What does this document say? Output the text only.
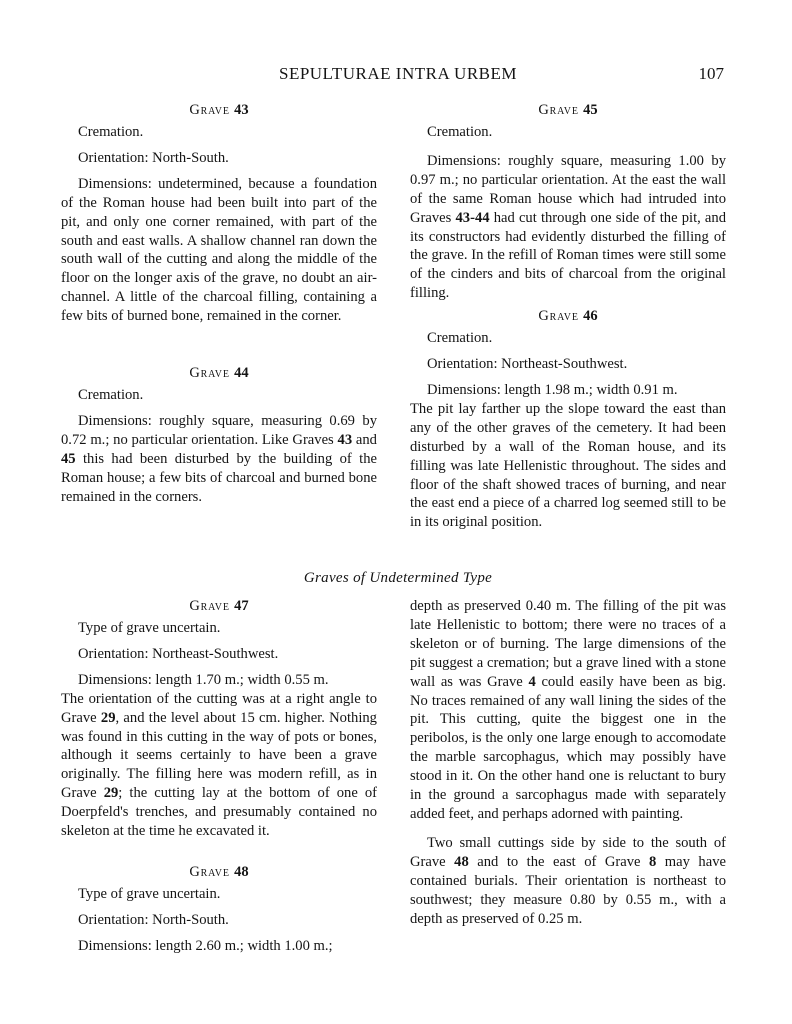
SEPULTURAE INTRA URBEM	107
Grave 43

Cremation.

Orientation: North-South.

Dimensions: undetermined, because a foundation of the Roman house had been built into part of the pit, and only one corner remained, with part of the south and east walls. A shallow channel ran down the south wall of the cutting and along the middle of the floor on the longer axis of the grave, no doubt an air-channel. A little of the charcoal filling, containing a few bits of burned bone, remained in the corner.

Grave 44

Cremation.

Dimensions: roughly square, measuring 0.69 by 0.72 m.; no particular orientation. Like Graves 43 and 45 this had been disturbed by the building of the Roman house; a few bits of charcoal and burned bone remained in the corners.

Grave 45

Cremation.

Dimensions: roughly square, measuring 1.00 by 0.97 m.; no particular orientation. At the east the wall of the same Roman house which had intruded into Graves 43-44 had cut through one side of the pit, and its constructors had evidently disturbed the filling of the grave. In the refill of Roman times were still some of the cinders and bits of charcoal from the original filling.

Grave 46

Cremation.

Orientation: Northeast-Southwest.

Dimensions: length 1.98 m.; width 0.91 m.

The pit lay farther up the slope toward the east than any of the other graves of the cemetery. It had been disturbed by a wall of the Roman house, and its filling was late Hellenistic throughout. The sides and floor of the shaft showed traces of burning, and near the east end a piece of a charred log seemed still to be in its original position.

Graves of Undetermined Type
Grave 47

Type of grave uncertain.

Orientation: Northeast-Southwest.

Dimensions: length 1.70 m.; width 0.55 m.

The orientation of the cutting was at a right angle to Grave 29, and the level about 15 cm. higher. Nothing was found in this cutting in the way of pots or bones, although it seems certainly to have been a grave originally. The filling here was modern refill, as in Grave 29; the cutting lay at the bottom of one of Doerpfeld's trenches, and presumably contained no skeleton at the time he excavated it.

Grave 48

Type of grave uncertain.

Orientation: North-South.

Dimensions: length 2.60 m.; width 1.00 m.;

depth as preserved 0.40 m. The filling of the pit was late Hellenistic to bottom; there were no traces of a skeleton or of burning. The large dimensions of the pit suggest a cremation; but a grave lined with a stone wall as was Grave 4 could easily have been as big. No traces remained of any wall lining the sides of the pit. This cutting, quite the biggest one in the peribolos, is the only one large enough to accomodate the marble sarcophagus, which may possibly have stood in it. On the other hand one is reluctant to bury in the ground a sarcophagus made with separately added feet, and perhaps adorned with painting.

Two small cuttings side by side to the south of Grave 48 and to the east of Grave 8 may have contained burials. Their orientation is northeast to southwest; they measure 0.80 by 0.55 m., with a depth as preserved of 0.25 m.
